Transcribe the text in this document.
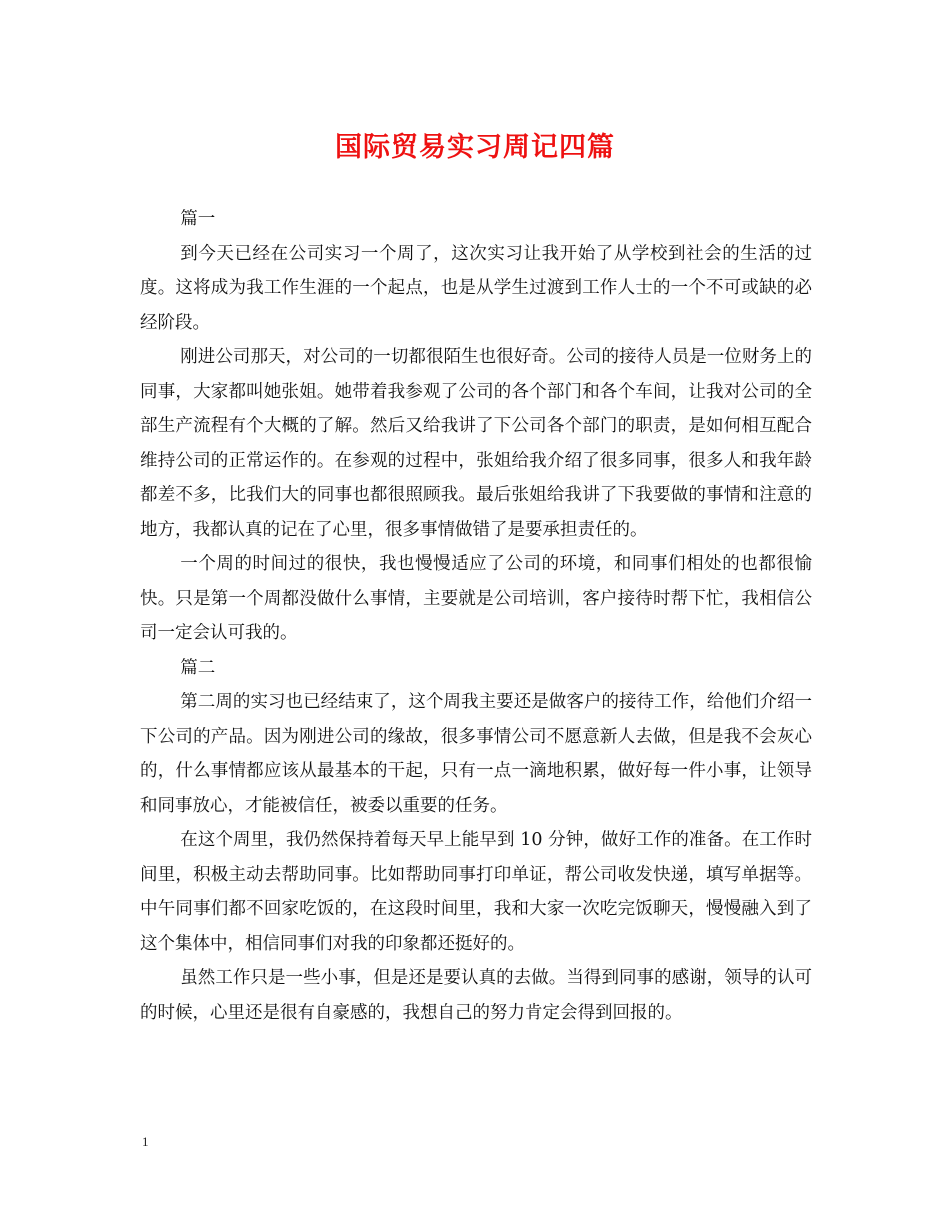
国际贸易实习周记四篇

篇一

到今天已经在公司实习一个周了，这次实习让我开始了从学校到社会的生活的过度。这将成为我工作生涯的一个起点，也是从学生过渡到工作人士的一个不可或缺的必经阶段。

刚进公司那天，对公司的一切都很陌生也很好奇。公司的接待人员是一位财务上的同事，大家都叫她张姐。她带着我参观了公司的各个部门和各个车间，让我对公司的全部生产流程有个大概的了解。然后又给我讲了下公司各个部门的职责，是如何相互配合维持公司的正常运作的。在参观的过程中，张姐给我介绍了很多同事，很多人和我年龄都差不多，比我们大的同事也都很照顾我。最后张姐给我讲了下我要做的事情和注意的地方，我都认真的记在了心里，很多事情做错了是要承担责任的。

一个周的时间过的很快，我也慢慢适应了公司的环境，和同事们相处的也都很愉快。只是第一个周都没做什么事情，主要就是公司培训，客户接待时帮下忙，我相信公司一定会认可我的。

篇二

第二周的实习也已经结束了，这个周我主要还是做客户的接待工作，给他们介绍一下公司的产品。因为刚进公司的缘故，很多事情公司不愿意新人去做，但是我不会灰心的，什么事情都应该从最基本的干起，只有一点一滴地积累，做好每一件小事，让领导和同事放心，才能被信任，被委以重要的任务。

在这个周里，我仍然保持着每天早上能早到 10 分钟，做好工作的准备。在工作时间里，积极主动去帮助同事。比如帮助同事打印单证，帮公司收发快递，填写单据等。中午同事们都不回家吃饭的，在这段时间里，我和大家一次吃完饭聊天，慢慢融入到了这个集体中，相信同事们对我的印象都还挺好的。

虽然工作只是一些小事，但是还是要认真的去做。当得到同事的感谢，领导的认可的时候，心里还是很有自豪感的，我想自己的努力肯定会得到回报的。

1
